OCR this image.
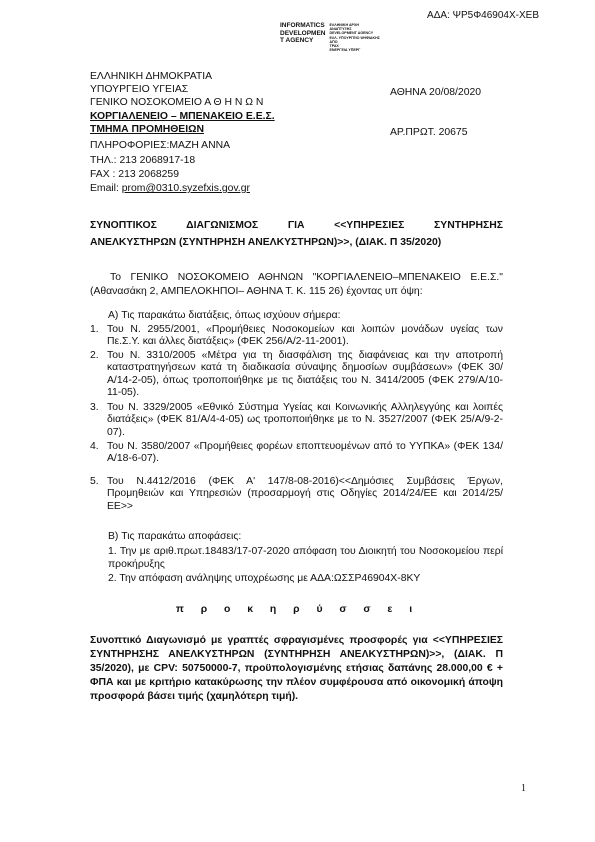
ΑΔΑ: ΨΡ5Φ46904Χ-ΧΕΒ
INFORMATICS
DEVELOPMEN
T AGENCY
ΕΛΛΗΝΙΚΗ ΑΡΧΗ
ΑΝΑΠΤΥΞΗΣ
DEVELOPMENT AGENCY
ΕΛΛ. ΥΠΟΥΡΓΕΙΟ ΨΗΦΙΑΚΗΣ
ΑΠΟ
ΤΡΑΧ
ΕΝΕΡΓΕΙΑ ΥΠΕΡΓ
ΕΛΛΗΝΙΚΗ ΔΗΜΟΚΡΑΤΙΑ
ΥΠΟΥΡΓΕΙΟ ΥΓΕΙΑΣ
ΓΕΝΙΚΟ ΝΟΣΟΚΟΜΕΙΟ Α Θ Η Ν Ω Ν
ΚΟΡΓΙΑΛΕΝΕΙΟ – ΜΠΕΝΑΚΕΙΟ Ε.Ε.Σ.
ΤΜΗΜΑ ΠΡΟΜΗΘΕΙΩΝ
ΠΛΗΡΟΦΟΡΙΕΣ:ΜΑΖΗ ΑΝΝΑ
ΤΗΛ.: 213 2068917-18
FAX : 213 2068259
Email: prom@0310.syzefxis.gov.gr
ΑΘΗΝΑ 20/08/2020
ΑΡ.ΠΡΩΤ. 20675
ΣΥΝΟΠΤΙΚΟΣ ΔΙΑΓΩΝΙΣΜΟΣ ΓΙΑ <<ΥΠΗΡΕΣΙΕΣ ΣΥΝΤΗΡΗΣΗΣ
ΑΝΕΛΚΥΣΤΗΡΩΝ (ΣΥΝΤΗΡΗΣΗ ΑΝΕΛΚΥΣΤΗΡΩΝ)>>, (ΔΙΑΚ. Π 35/2020)
Το ΓΕΝΙΚΟ ΝΟΣΟΚΟΜΕΙΟ ΑΘΗΝΩΝ "ΚΟΡΓΙΑΛΕΝΕΙΟ–ΜΠΕΝΑΚΕΙΟ Ε.Ε.Σ." (Αθανασάκη 2, ΑΜΠΕΛΟΚΗΠΟΙ– ΑΘΗΝΑ Τ. Κ. 115 26) έχοντας υπ όψη:
A) Τις παρακάτω διατάξεις, όπως ισχύουν σήμερα:
1. Του Ν. 2955/2001, «Προμήθειες Νοσοκομείων και λοιπών μονάδων υγείας των Πε.Σ.Υ. και άλλες διατάξεις» (ΦΕΚ 256/Α/2-11-2001).
2. Του Ν. 3310/2005 «Μέτρα για τη διασφάλιση της διαφάνειας και την αποτροπή καταστρατηγήσεων κατά τη διαδικασία σύναψης δημοσίων συμβάσεων» (ΦΕΚ 30/Α/14-2-05), όπως τροποποιήθηκε με τις διατάξεις του Ν. 3414/2005 (ΦΕΚ 279/Α/10-11-05).
3. Του Ν. 3329/2005 «Εθνικό Σύστημα Υγείας και Κοινωνικής Αλληλεγγύης και λοιπές διατάξεις» (ΦΕΚ 81/Α/4-4-05) ως τροποποιήθηκε με το Ν. 3527/2007 (ΦΕΚ 25/Α/9-2-07).
4. Του Ν. 3580/2007 «Προμήθειες φορέων εποπτευομένων από το ΥΥΠΚΑ» (ΦΕΚ 134/Α/18-6-07).
5. Του Ν.4412/2016 (ΦΕΚ Α' 147/8-08-2016)<<Δημόσιες Συμβάσεις Έργων, Προμηθειών και Υπηρεσιών (προσαρμογή στις Οδηγίες 2014/24/ΕΕ και 2014/25/ΕΕ>>
B) Τις παρακάτω αποφάσεις:
1. Την με αριθ.πρωτ.18483/17-07-2020 απόφαση του Διοικητή του Νοσοκομείου περί προκήρυξης
2. Την απόφαση ανάληψης υποχρέωσης με ΑΔΑ:ΩΣΣΡ46904Χ-8ΚΥ
π ρ ο κ η ρ ύ σ σ ε ι
Συνοπτικό Διαγωνισμό με γραπτές σφραγισμένες προσφορές για <<ΥΠΗΡΕΣΙΕΣ ΣΥΝΤΗΡΗΣΗΣ ΑΝΕΛΚΥΣΤΗΡΩΝ (ΣΥΝΤΗΡΗΣΗ ΑΝΕΛΚΥΣΤΗΡΩΝ)>>, (ΔΙΑΚ. Π 35/2020), με CPV: 50750000-7, προϋπολογισμένης ετήσιας δαπάνης 28.000,00 € + ΦΠΑ και με κριτήριο κατακύρωσης την πλέον συμφέρουσα από οικονομική άποψη προσφορά βάσει τιμής (χαμηλότερη τιμή).
1
